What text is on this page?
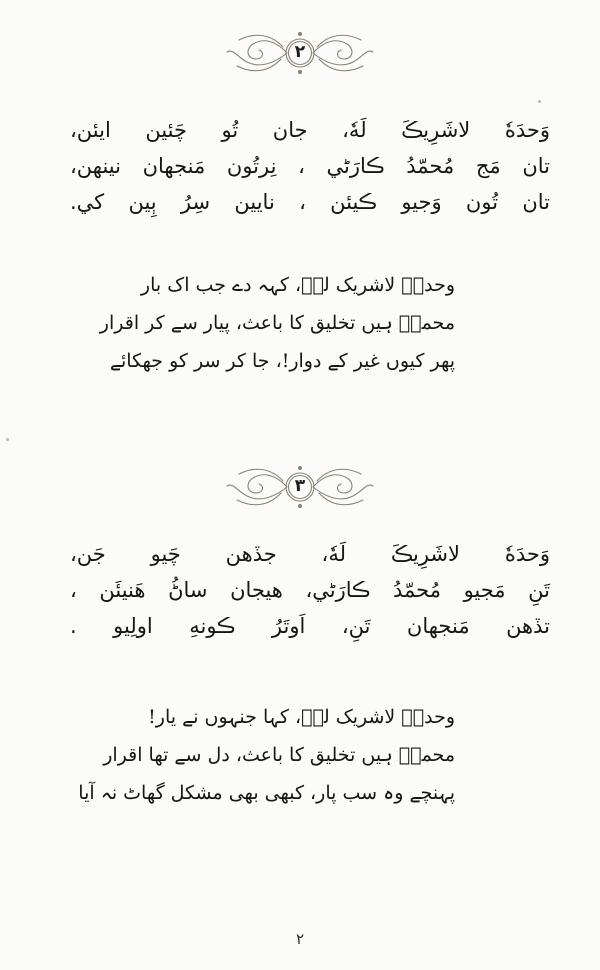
٢
وَحدَهٗ لاشَرِيڪَ لَهٗ، جان تُو چَئين ايئن،
تان مَج مُحمّدُ ڪارَڻي ، نِرتُون مَنجهان نينهن،
تان تُون وَجيو ڪيئن ، نايين سِرُ ٻِين کي.
وحدہٗ لاشریک لہٗ، کہہ دے جب اک بار
محمدؐ ہیں تخلیق کا باعث، پیار سے کر اقرار
پھر کیوں غیر کے دوار!، جا کر سر کو جھکائے
٣
وَحدَهٗ لاشَرِيڪَ لَهٗ، جڏهن چَيو جَن،
تَنِ مَجيو مُحمّدُ ڪارَڻي، هيجان ساڻُ هَنيئَن ،
تڏهن مَنجهان تَنِ، اَوتَرُ ڪونهِ اولِيو .
وحدہٗ لاشریک لہٗ، کہا جنہوں نے یار!
محمدؐ ہیں تخلیق کا باعث، دل سے تھا اقرار
پہنچے وہ سب پار، کبھی بھی مشکل گھاٹ نہ آیا
٢
